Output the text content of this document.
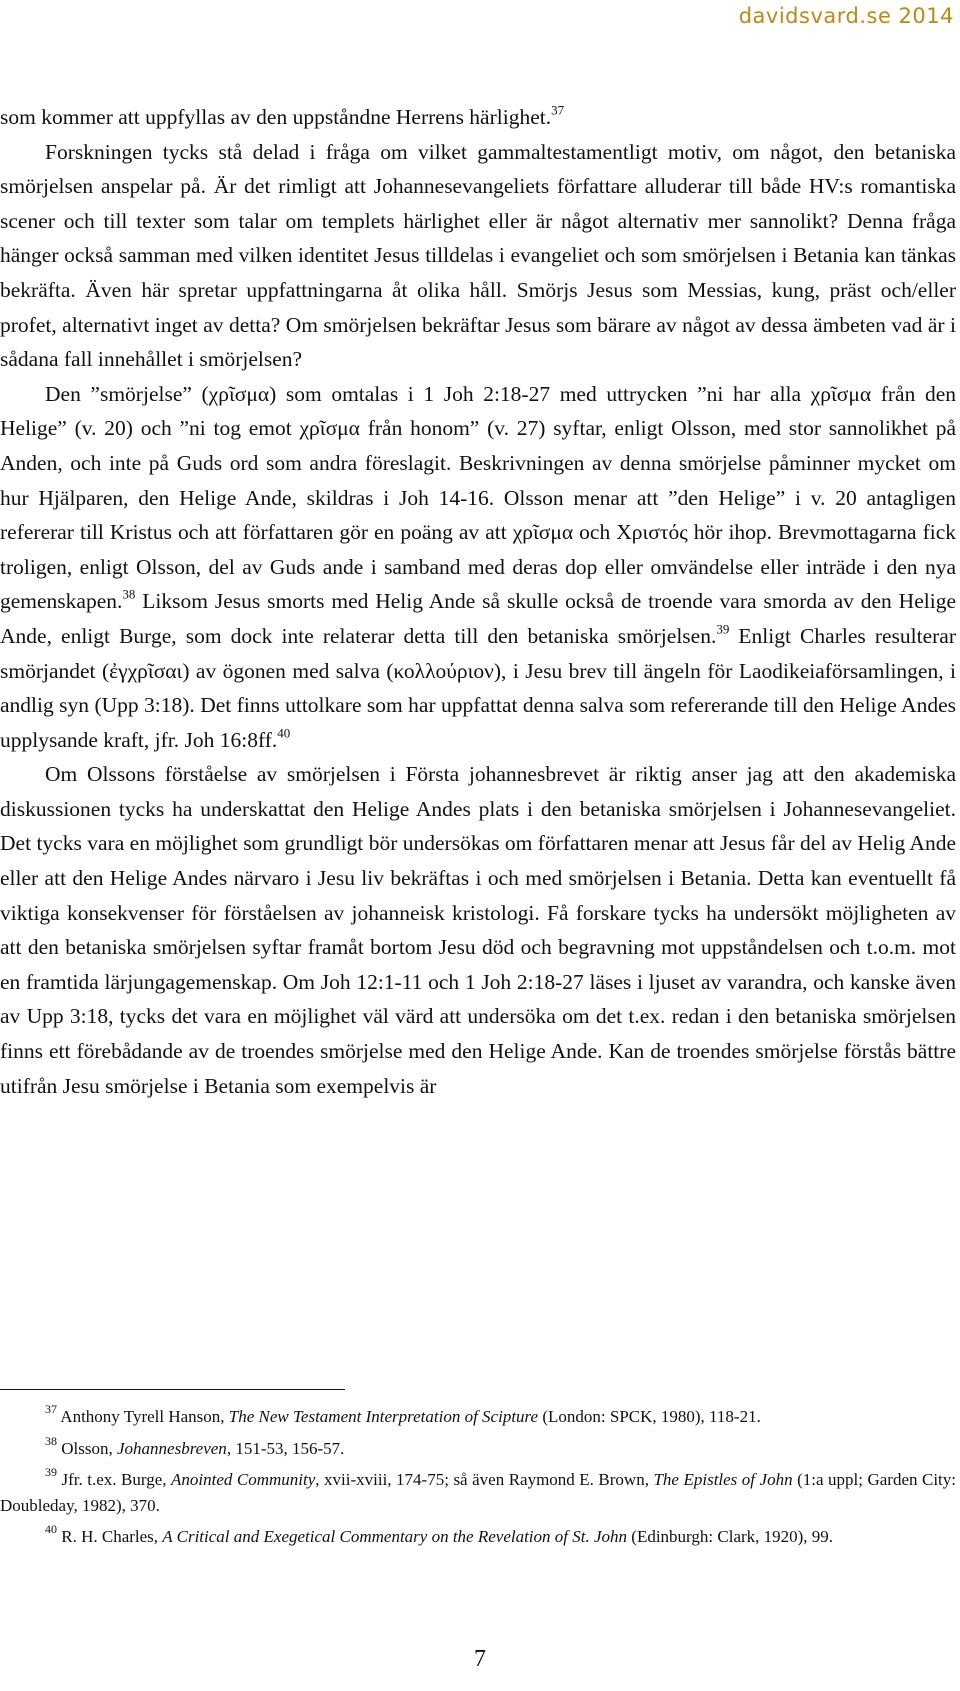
davidsvard.se 2014

som kommer att uppfyllas av den uppståndne Herrens härlighet.$^{37}$

Forskningen tycks stå delad i fråga om vilket gammaltestamentligt motiv, om något, den betaniska smörjelsen anspelar på. Är det rimligt att Johannesevangeliets författare alluderar till både HV:s romantiska scener och till texter som talar om templets härlighet eller är något alternativ mer sannolikt? Denna fråga hänger också samman med vilken identitet Jesus tilldelas i evangeliet och som smörjelsen i Betania kan tänkas bekräfta. Även här spretar uppfattningarna åt olika håll. Smörjs Jesus som Messias, kung, präst och/eller profet, alternativt inget av detta? Om smörjelsen bekräftar Jesus som bärare av något av dessa ämbeten vad är i sådana fall innehållet i smörjelsen?

Den ”smörjelse” (χρῖσμα) som omtalas i 1 Joh 2:18-27 med uttrycken ”ni har alla χρῖσμα från den Helige” (v. 20) och ”ni tog emot χρῖσμα från honom” (v. 27) syftar, enligt Olsson, med stor sannolikhet på Anden, och inte på Guds ord som andra föreslagit. Beskrivningen av denna smörjelse påminner mycket om hur Hjälparen, den Helige Ande, skildras i Joh 14-16. Olsson menar att ”den Helige” i v. 20 antagligen refererar till Kristus och att författaren gör en poäng av att χρῖσμα och Χριστός hör ihop. Brevmottagarna fick troligen, enligt Olsson, del av Guds ande i samband med deras dop eller omvändelse eller inträde i den nya gemenskapen.$^{38}$ Liksom Jesus smorts med Helig Ande så skulle också de troende vara smorda av den Helige Ande, enligt Burge, som dock inte relaterar detta till den betaniska smörjelsen.$^{39}$ Enligt Charles resulterar smörjandet (ἐγχρῖσαι) av ögonen med salva (κολλούριον), i Jesu brev till ängeln för Laodikeiaförsamlingen, i andlig syn (Upp 3:18). Det finns uttolkare som har uppfattat denna salva som refererande till den Helige Andes upplysande kraft, jfr. Joh 16:8ff.$^{40}$

Om Olssons förståelse av smörjelsen i Första johannesbrevet är riktig anser jag att den akademiska diskussionen tycks ha underskattat den Helige Andes plats i den betaniska smörjelsen i Johannesevangeliet. Det tycks vara en möjlighet som grundligt bör undersökas om författaren menar att Jesus får del av Helig Ande eller att den Helige Andes närvaro i Jesu liv bekräftas i och med smörjelsen i Betania. Detta kan eventuellt få viktiga konsekvenser för förståelsen av johanneisk kristologi. Få forskare tycks ha undersökt möjligheten av att den betaniska smörjelsen syftar framåt bortom Jesu död och begravning mot uppståndelsen och t.o.m. mot en framtida lärjungagemenskap. Om Joh 12:1-11 och 1 Joh 2:18-27 läses i ljuset av varandra, och kanske även av Upp 3:18, tycks det vara en möjlighet väl värd att undersöka om det t.ex. redan i den betaniska smörjelsen finns ett förebådande av de troendes smörjelse med den Helige Ande. Kan de troendes smörjelse förstås bättre utifrån Jesu smörjelse i Betania som exempelvis är

$^{37}$ Anthony Tyrell Hanson, The New Testament Interpretation of Scipture (London: SPCK, 1980), 118-21.

$^{38}$ Olsson, Johannesbreven, 151-53, 156-57.

$^{39}$ Jfr. t.ex. Burge, Anointed Community, xvii-xviii, 174-75; så även Raymond E. Brown, The Epistles of John (1:a uppl; Garden City: Doubleday, 1982), 370.

$^{40}$ R. H. Charles, A Critical and Exegetical Commentary on the Revelation of St. John (Edinburgh: Clark, 1920), 99.

7
